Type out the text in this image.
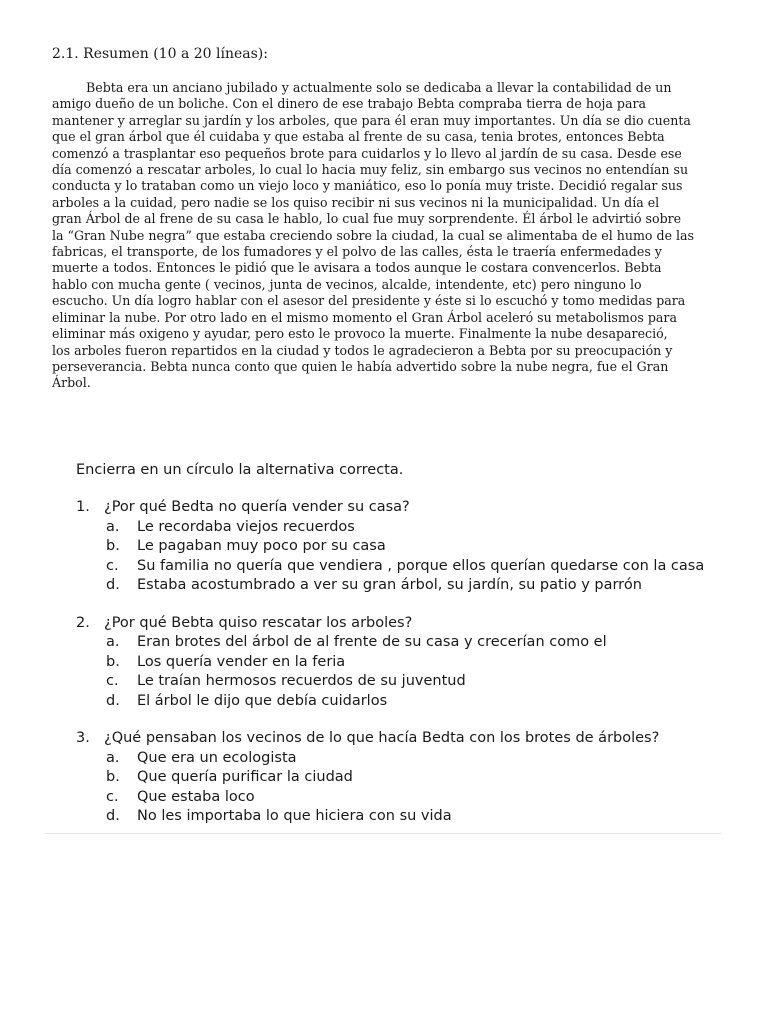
2.1. Resumen (10 a 20 líneas):

Bebta era un anciano jubilado y actualmente solo se dedicaba a llevar la contabilidad de un
amigo dueño de un boliche. Con el dinero de ese trabajo Bebta compraba tierra de hoja para
mantener y arreglar su jardín y los arboles, que para él eran muy importantes. Un día se dio cuenta
que el gran árbol que él cuidaba y que estaba al frente de su casa, tenia brotes, entonces Bebta
comenzó a trasplantar eso pequeños brote para cuidarlos y lo llevo al jardín de su casa. Desde ese
día comenzó a rescatar arboles, lo cual lo hacia muy feliz, sin embargo sus vecinos no entendían su
conducta y lo trataban como un viejo loco y maniático, eso lo ponía muy triste. Decidió regalar sus
arboles a la cuidad, pero nadie se los quiso recibir ni sus vecinos ni la municipalidad. Un día el
gran Árbol de al frene de su casa le hablo, lo cual fue muy sorprendente. Él árbol le advirtió sobre
la “Gran Nube negra” que estaba creciendo sobre la ciudad, la cual se alimentaba de el humo de las
fabricas, el transporte, de los fumadores y el polvo de las calles, ésta le traería enfermedades y
muerte a todos. Entonces le pidió que le avisara a todos aunque le costara convencerlos. Bebta
hablo con mucha gente ( vecinos, junta de vecinos, alcalde, intendente, etc) pero ninguno lo
escucho. Un día logro hablar con el asesor del presidente y éste si lo escuchó y tomo medidas para
eliminar la nube. Por otro lado en el mismo momento el Gran Árbol aceleró su metabolismos para
eliminar más oxigeno y ayudar, pero esto le provoco la muerte. Finalmente la nube desapareció,
los arboles fueron repartidos en la ciudad y todos le agradecieron a Bebta por su preocupación y
perseverancia. Bebta nunca conto que quien le había advertido sobre la nube negra, fue el Gran
Árbol.

Encierra en un círculo la alternativa correcta.

1. ¿Por qué Bedta no quería vender su casa?
a.	Le recordaba viejos recuerdos
b.	Le pagaban muy poco por su casa
c.	Su familia no quería que vendiera , porque ellos querían quedarse con la casa
d.	Estaba acostumbrado a ver su gran árbol, su jardín, su patio y parrón
2. ¿Por qué Bebta quiso rescatar los arboles?
a.	Eran brotes del árbol de al frente de su casa y crecerían como el
b.	Los quería vender en la feria
c.	Le traían hermosos recuerdos de su juventud
d.	El árbol le dijo que debía cuidarlos
3. ¿Qué pensaban los vecinos de lo que hacía Bedta con los brotes de árboles?
a.	Que era un ecologista
b.	Que quería purificar la ciudad
c.	Que estaba loco
d.	No les importaba lo que hiciera con su vida
